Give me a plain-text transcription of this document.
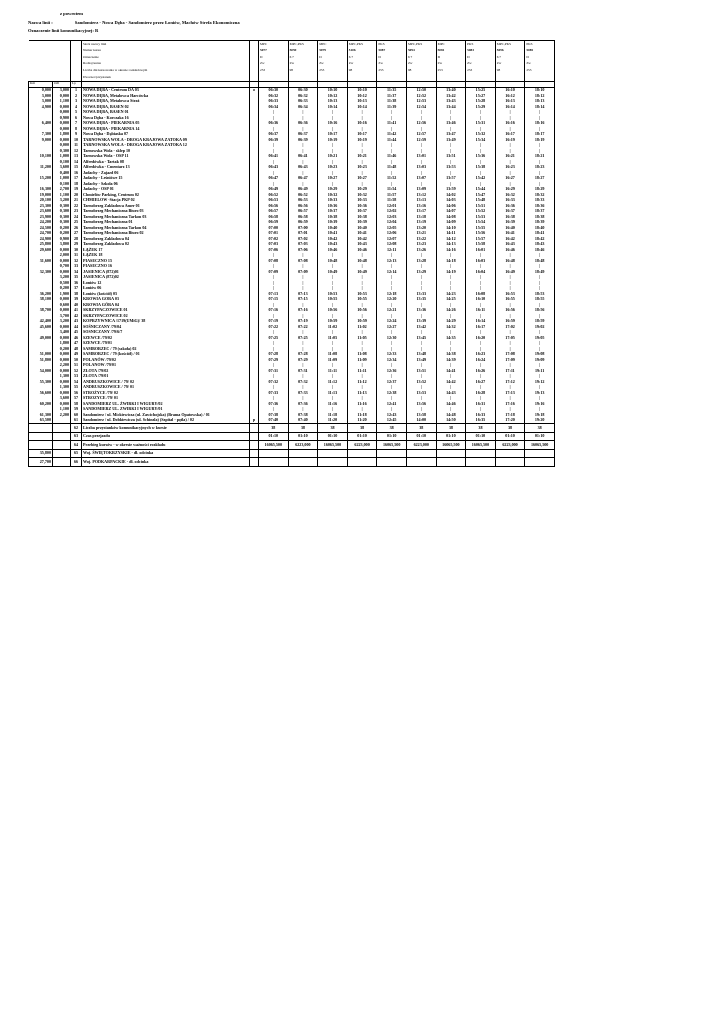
z powrotem
Nazwa linii :	Sandomierz - Nowa Dęba - Sandomierz przez Łoniów, Machów Strefa Ekonomiczna
Oznaczenie linii komunikacyjnej: R
			Skrót nazwy linii		MPC	MPC,PKS	MPC	MPC,PKS	PKS	MPC,PKS	MPC	PKS	MPC,PKS	PKS
			Numer kursu		5077	5059	5079	5106	5087	5094	5081	5083	5096	5085
			Oznaczenie		D	6 7	D	6 7	D	6 7	D	D	6 7	D
			Rodzaj kursu		Zw	Zw	Zw	Zw	Zw	Zw	Zw	Zw	Zw	Zw
			Liczba dni kursowania w okresie rozkładowym		253	98	253	98	253	98	253	253	98	253
			Dworzec/przystanek											
Km	Odl	Lp												
0,000	3,000	1	NOWA DĘBA - Centrum DA 03	o	06:30	06:30	10:10	10:10	11:35	12:50	13:40	15:25	16:10	18:10
3,000	0,000	2	NOWA DĘBA, Metalowca Harcówka		06:32	06:32	10:12	10:12	11:37	12:52	13:42	15:27	16:12	18:12
3,000	1,100	3	NOWA DĘBA, Metalowca Straż		06:33	06:33	10:13	10:13	11:38	12:53	13:43	15:28	16:13	18:13
4,900	0,000	4	NOWA DĘBA, BASEN 02		06:34	06:34	10:14	10:14	11:39	12:54	13:44	15:29	16:14	18:14
	0,000	5	NOWA DĘBA, BASEN 01		|	|	|	|	|	|	|	|	|	|
	0,900	6	Nowa Dęba - Korczaka 16		|	|	|	|	|	|	|	|	|	|
6,400	0,000	7	NOWA DĘBA - PIEKARNIA 05		06:36	06:36	10:16	10:16	11:41	12:56	13:46	15:31	16:16	18:16
	0,000	8	NOWA DĘBA - PIEKARNIA 14		|	|	|	|	|	|	|	|	|	|
7,300	1,800	9	Nowa Dęba - Dąbiaska 07		06:37	06:37	10:17	10:17	11:42	12:57	13:47	15:32	16:17	18:17
9,000	0,000	10	TARNOWSKA WOLA - DROGA KRAJOWA ZATOKA 09		06:39	06:39	10:19	10:19	11:44	12:59	13:49	15:34	16:19	18:19
	0,000	11	TARNOWSKA WOLA - DROGA KRAJOWA ZATOKA 12		|	|	|	|	|	|	|	|	|	|
	0,300	12	Tarnowska Wola - sklep 10		|	|	|	|	|	|	|	|	|	|
10,100	1,000	13	Tarnowska Wola - OSP 11		06:41	06:41	10:21	10:21	11:46	13:01	13:51	15:36	16:21	18:21
	0,100	14	Alfredówka - Tartak 08		|	|	|	|	|	|	|	|	|	|
11,200	3,600	15	Alfredówka - Cmentarz 13		06:43	06:43	10:23	10:23	11:48	13:03	13:53	15:38	16:23	18:23
	0,400	16	Jadachy - Zajazd 06		|	|	|	|	|	|	|	|	|	|
15,200	1,000	17	Jadachy - Leśniówe 15		06:47	06:47	10:27	10:27	11:52	13:07	13:57	15:42	16:27	18:27
	0,100	18	Jadachy - Szkoła 06		|	|	|	|	|	|	|	|	|	|
16,300	2,700	19	Jadachy - OSP 01		06:49	06:49	10:29	10:29	11:54	13:09	13:59	15:44	16:29	18:29
19,000	1,100	20	Chmielów Parking, Centrum 02		06:52	06:52	10:32	10:32	11:57	13:12	14:02	15:47	16:32	18:32
20,100	3,200	21	CHMIELÓW -Stacja PKP 02		06:53	06:53	10:33	10:33	11:58	13:13	14:03	15:48	16:33	18:33
23,300	0,300	22	Tarnobrzeg Zakładowa Amer 01		06:56	06:56	10:36	10:36	12:01	13:16	14:06	15:51	16:36	18:36
23,600	0,300	23	Tarnobrzeg Mechaniczna Biuro 03		06:57	06:57	10:37	10:37	12:02	13:17	14:07	15:52	16:37	18:37
23,900	0,300	24	Tarnobrzeg Mechaniczna Tarkon 03		06:58	06:58	10:38	10:38	12:03	13:18	14:08	15:53	16:38	18:38
24,200	0,300	25	Tarnobrzeg Mechaniczna 01		06:59	06:59	10:39	10:39	12:04	13:19	14:09	15:54	16:39	18:39
24,500	0,200	26	Tarnobrzeg Mechaniczna Tarkon 04		07:00	07:00	10:40	10:40	12:05	13:20	14:10	15:55	16:40	18:40
24,700	0,200	27	Tarnobrzeg Mechaniczna Biuro 02		07:01	07:01	10:41	10:41	12:06	13:21	14:11	15:56	16:41	18:41
24,900	0,900	28	Tarnobrzeg Zakładowa 04		07:02	07:02	10:42	10:42	12:07	13:22	14:12	15:57	16:42	18:42
25,800	3,800	29	Tarnobrzeg Zakładowa 02		07:03	07:03	10:43	10:43	12:08	13:23	14:13	15:58	16:43	18:43
29,600	0,000	30	ŁĄŻEK 17		07:06	07:06	10:46	10:46	12:11	13:26	14:16	16:01	16:46	18:46
	2,000	31	ŁĄŻEK 18		|	|	|	|	|	|	|	|	|	|
31,600	0,000	32	PIASECZNO 15		07:08	07:08	10:48	10:48	12:13	13:28	14:18	16:03	16:48	18:48
	0,700	33	PIASECZNO 16		|	|	|	|	|	|	|	|	|	|
32,300	0,000	34	JASIENICA (872)01		07:09	07:09	10:49	10:49	12:14	13:29	14:19	16:04	16:49	18:49
	3,200	35	JASIENICA (872)02		|	|	|	|	|	|	|	|	|	|
	0,500	36	Łoniów 12		|	|	|	|	|	|	|	|	|	|
	0,200	37	Łoniów 06		|	|	|	|	|	|	|	|	|	|
36,200	1,900	38	Łoniów (kościół) 05		07:13	07:13	10:53	10:53	12:18	13:33	14:23	16:08	16:53	18:53
38,100	0,000	39	KROWIA GÓRA 03		07:15	07:15	10:55	10:55	12:20	13:35	14:25	16:10	16:55	18:55
	0,600	40	KROWIA GÓRA 04		|	|	|	|	|	|	|	|	|	|
38,700	0,000	41	SKRZYPACZOWICE 01		07:16	07:16	10:56	10:56	12:21	13:36	14:26	16:11	16:56	18:56
	3,700	42	SKRZYPACZOWICE 02		|	|	|	|	|	|	|	|	|	|
42,400	3,200	43	KOPRZYWNICA /1719(UMiG)/ 38		07:19	07:19	10:59	10:59	12:24	13:39	14:29	16:14	16:59	18:59
45,600	0,000	44	SOŚNICZANY /79/04		07:22	07:22	11:02	11:02	12:27	13:42	14:32	16:17	17:02	19:02
	3,400	45	SOŚNICZANY /79/6/7		|	|	|	|	|	|	|	|	|	|
49,000	0,000	46	SZEWCE /79/02		07:25	07:25	11:05	11:05	12:30	13:45	14:35	16:20	17:05	19:05
	1,800	47	SZEWCE /79/01		|	|	|	|	|	|	|	|	|	|
	0,200	48	SAMBORZEC / 79 (szkoła) 02		|	|	|	|	|	|	|	|	|	|
51,000	0,000	49	SAMBORZEC / 79 (kościół) / 01		07:28	07:28	11:08	11:08	12:33	13:48	14:38	16:23	17:08	19:08
51,800	0,000	50	POLANÓW /79/02		07:29	07:29	11:09	11:09	12:34	13:49	14:39	16:24	17:09	19:09
	2,200	51	POLANÓW /79/01		|	|	|	|	|	|	|	|	|	|
54,000	0,000	52	ZŁOTA /79/02		07:31	07:31	11:11	11:11	12:36	13:51	14:41	16:26	17:11	19:11
	1,300	53	ZŁOTA /79/01		|	|	|	|	|	|	|	|	|	|
55,300	0,000	54	ANDRUSZKOWICE / 79/ 02		07:32	07:32	11:12	11:12	12:37	13:52	14:42	16:27	17:12	19:12
	1,300	55	ANDRUSZKOWICE / 79/ 01		|	|	|	|	|	|	|	|	|	|
56,600	0,000	56	STROŻYCE /79/ 02		07:33	07:33	11:13	11:13	12:38	13:53	14:43	16:28	17:13	19:13
	3,600	57	STROŻYCE /79/ 01		|	|	|	|	|	|	|	|	|	|
60,200	0,000	58	SANDOMIERZ UL. ŻWIRKI I WIGURY/02		07:36	07:36	11:16	11:16	12:41	13:56	14:46	16:31	17:16	19:16
	1,100	59	SANDOMIERZ UL. ŻWIRKI I WIGURY/01		|	|	|	|	|	|	|	|	|	|
61,300	2,200	60	Sandomierz / ul. Mickiewicza (ul. Zawichojska) (Brama Opatowska) / 01		07:38	07:38	11:18	11:18	12:43	13:58	14:48	16:33	17:18	19:18
63,500		61	Sandomierz / ul. Dobkiewicza (ul. Schinzla) (Szpital - pętla) / 02	p	07:40	07:40	11:20	11:20	12:45	14:00	14:50	16:35	17:20	19:20
		62	Liczba przystanków komunikacyjnych w kursie		38	38	38	38	38	38	38	38	38	38
		63	Czas przejazdu		01:10	01:10	01:10	01:10	01:10	01:10	01:10	01:10	01:10	01:10
		64	Przebieg kursów - w okresie ważności rozkładu		16065,500	6223,000	16065,500	6223,000	16065,500	6223,000	16065,500	16065,500	6223,000	16065,500
35,800		65	Woj. ŚWIĘTOKRZYSKIE - dł. odcinka											
27,700		66	Woj. PODKARPACKIE - dł. odcinka											
